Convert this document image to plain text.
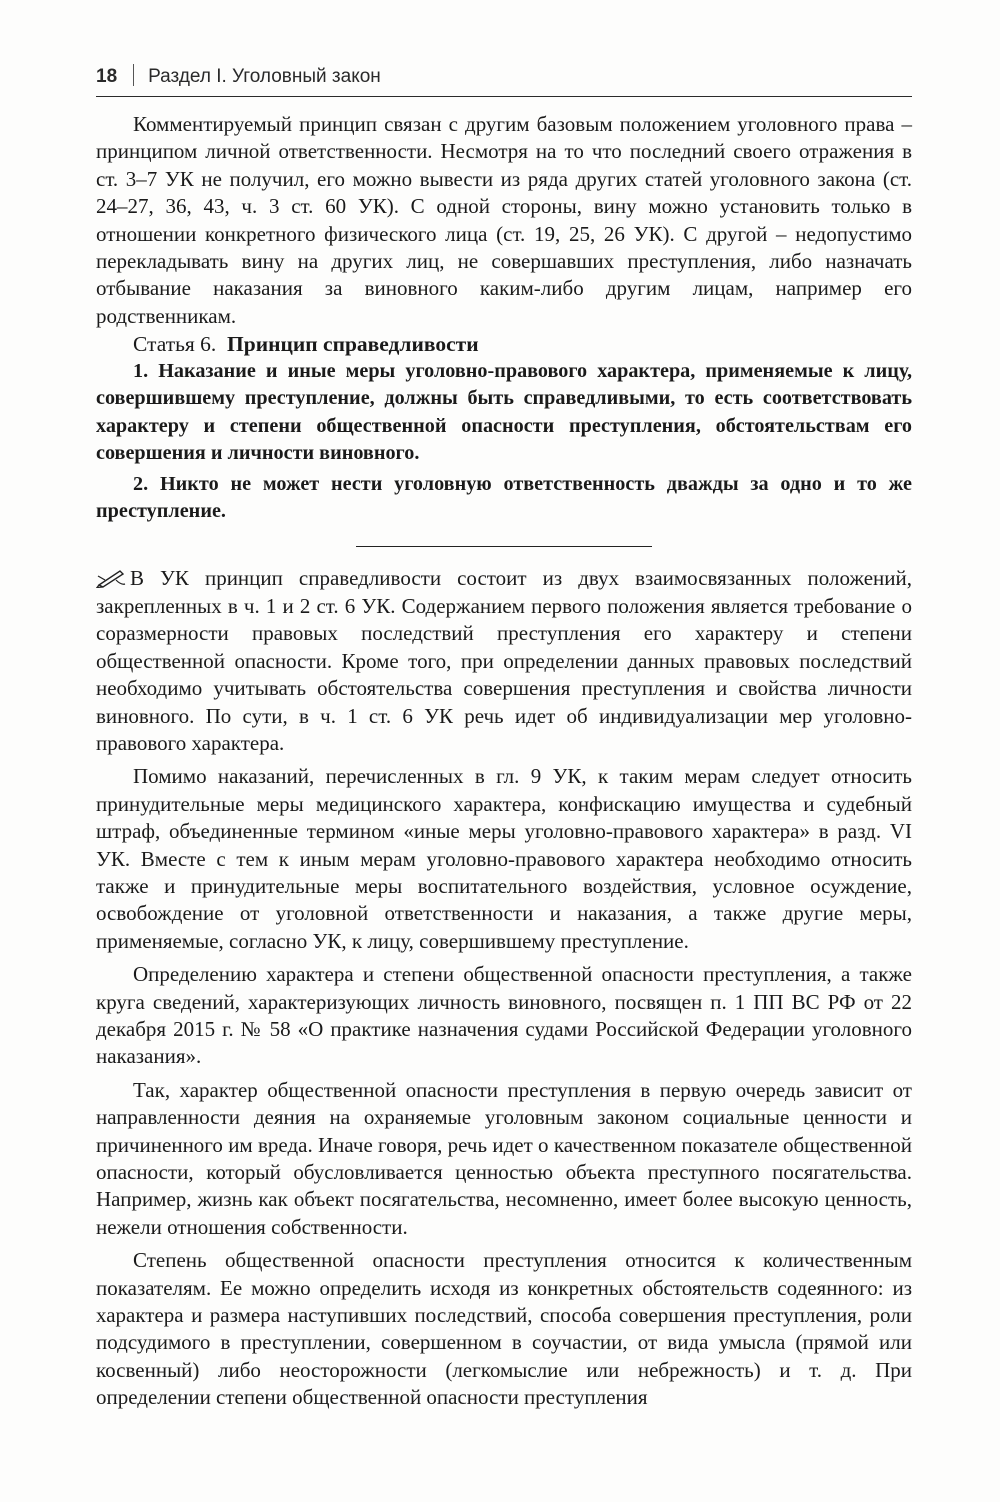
18 Раздел I. Уголовный закон

Комментируемый принцип связан с другим базовым положением уголовного права – принципом личной ответственности. Несмотря на то что последний своего отражения в ст. 3–7 УК не получил, его можно вывести из ряда других статей уголовного закона (ст. 24–27, 36, 43, ч. 3 ст. 60 УК). С одной стороны, вину можно установить только в отношении конкретного физического лица (ст. 19, 25, 26 УК). С другой – недопустимо перекладывать вину на других лиц, не совершавших преступления, либо назначать отбывание наказания за виновного каким-либо другим лицам, например его родственникам.

Статья 6. Принцип справедливости

1. Наказание и иные меры уголовно-правового характера, применяемые к лицу, совершившему преступление, должны быть справедливыми, то есть соответствовать характеру и степени общественной опасности преступления, обстоятельствам его совершения и личности виновного.

2. Никто не может нести уголовную ответственность дважды за одно и то же преступление.

В УК принцип справедливости состоит из двух взаимосвязанных положений, закрепленных в ч. 1 и 2 ст. 6 УК. Содержанием первого положения является требование о соразмерности правовых последствий преступления его характеру и степени общественной опасности. Кроме того, при определении данных правовых последствий необходимо учитывать обстоятельства совершения преступления и свойства личности виновного. По сути, в ч. 1 ст. 6 УК речь идет об индивидуализации мер уголовно-правового характера.

Помимо наказаний, перечисленных в гл. 9 УК, к таким мерам следует относить принудительные меры медицинского характера, конфискацию имущества и судебный штраф, объединенные термином «иные меры уголовно-правового характера» в разд. VI УК. Вместе с тем к иным мерам уголовно-правового характера необходимо относить также и принудительные меры воспитательного воздействия, условное осуждение, освобождение от уголовной ответственности и наказания, а также другие меры, применяемые, согласно УК, к лицу, совершившему преступление.

Определению характера и степени общественной опасности преступления, а также круга сведений, характеризующих личность виновного, посвящен п. 1 ПП ВС РФ от 22 декабря 2015 г. № 58 «О практике назначения судами Российской Федерации уголовного наказания».

Так, характер общественной опасности преступления в первую очередь зависит от направленности деяния на охраняемые уголовным законом социальные ценности и причиненного им вреда. Иначе говоря, речь идет о качественном показателе общественной опасности, который обусловливается ценностью объекта преступного посягательства. Например, жизнь как объект посягательства, несомненно, имеет более высокую ценность, нежели отношения собственности.

Степень общественной опасности преступления относится к количественным показателям. Ее можно определить исходя из конкретных обстоятельств содеянного: из характера и размера наступивших последствий, способа совершения преступления, роли подсудимого в преступлении, совершенном в соучастии, от вида умысла (прямой или косвенный) либо неосторожности (легкомыслие или небрежность) и т. д. При определении степени общественной опасности преступления
